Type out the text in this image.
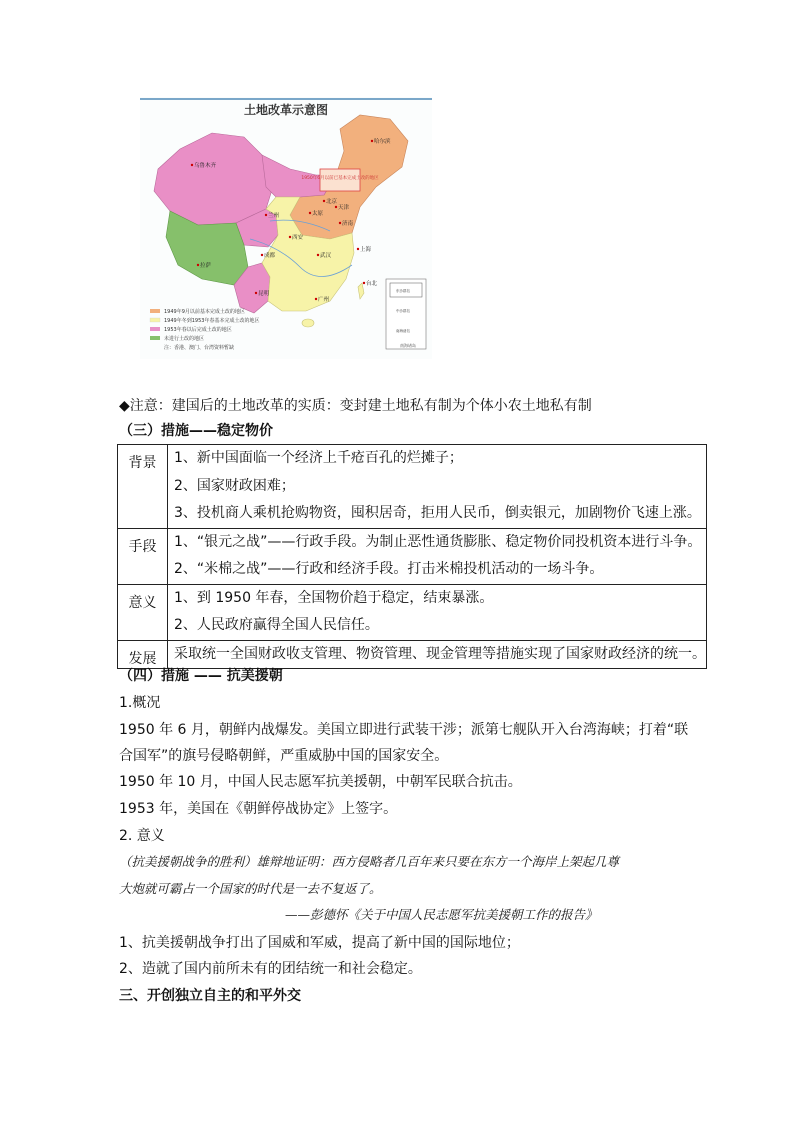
土地改革示意图
1950年6月以前已基本完成土改的地区
哈尔滨
乌鲁木齐
兰州
北京
天津
太原
济南
西安
拉萨
成都	武汉
上海
昆明
广州
台北
东沙群岛
中沙群岛
南海诸岛
南海诸岛
1949年9月以前基本完成土改的地区
1949年冬到1953年春基本完成土改的地区
1953年春以后完成土改的地区
未进行土改的地区
注：香港、澳门、台湾资料暂缺
◆注意：建国后的土地改革的实质：变封建土地私有制为个体小农土地私有制
（三）措施——稳定物价
背景	1、新中国面临一个经济上千疮百孔的烂摊子；
2、国家财政困难；
3、投机商人乘机抢购物资，囤积居奇，拒用人民币，倒卖银元，加剧物价飞速上涨。

手段	1、“银元之战”——行政手段。为制止恶性通货膨胀、稳定物价同投机资本进行斗争。
2、“米棉之战”——行政和经济手段。打击米棉投机活动的一场斗争。

意义	1、到 1950 年春，全国物价趋于稳定，结束暴涨。
2、人民政府赢得全国人民信任。

发展	采取统一全国财政收支管理、物资管理、现金管理等措施实现了国家财政经济的统一。
（四）措施 —— 抗美援朝
1.概况
1950 年 6 月，朝鲜内战爆发。美国立即进行武装干涉；派第七舰队开入台湾海峡；打着“联
合国军”的旗号侵略朝鲜，严重威胁中国的国家安全。
1950 年 10 月，中国人民志愿军抗美援朝，中朝军民联合抗击。
1953 年，美国在《朝鲜停战协定》上签字。
2. 意义
（抗美援朝战争的胜利）雄辩地证明：西方侵略者几百年来只要在东方一个海岸上架起几尊
大炮就可霸占一个国家的时代是一去不复返了。
——彭德怀《关于中国人民志愿军抗美援朝工作的报告》
1、抗美援朝战争打出了国威和军威，提高了新中国的国际地位；
2、造就了国内前所未有的团结统一和社会稳定。
三、开创独立自主的和平外交
